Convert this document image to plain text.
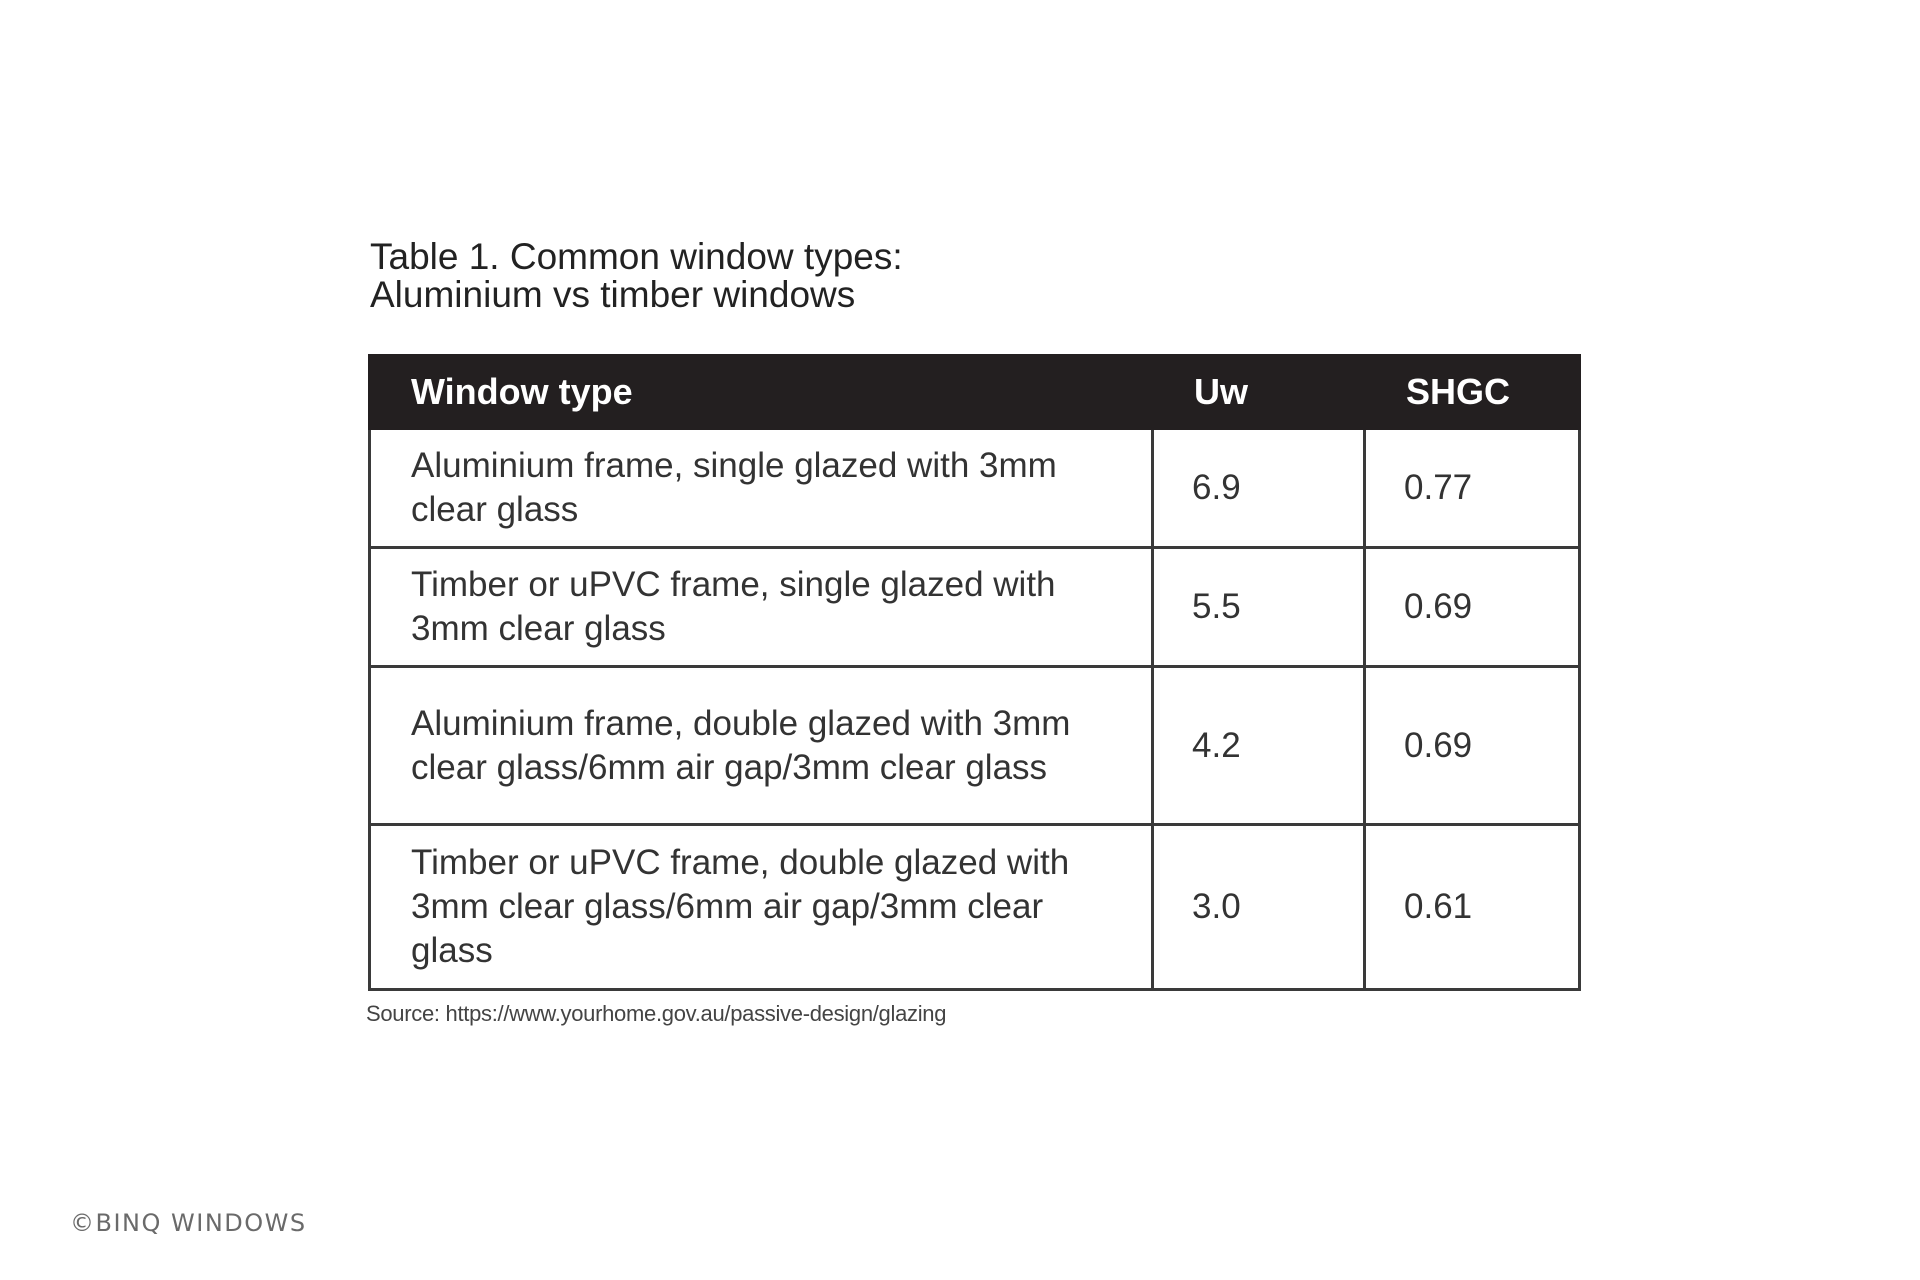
Table 1. Common window types:
Aluminium vs timber windows
Window type	Uw	SHGC
Aluminium frame, single glazed with 3mm clear glass	6.9	0.77
Timber or uPVC frame, single glazed with 3mm clear glass	5.5	0.69
Aluminium frame, double glazed with 3mm clear glass/6mm air gap/3mm clear glass	4.2	0.69
Timber or uPVC frame, double glazed with 3mm clear glass/6mm air gap/3mm clear glass	3.0	0.61
Source: https://www.yourhome.gov.au/passive-design/glazing
©BINQ WINDOWS
